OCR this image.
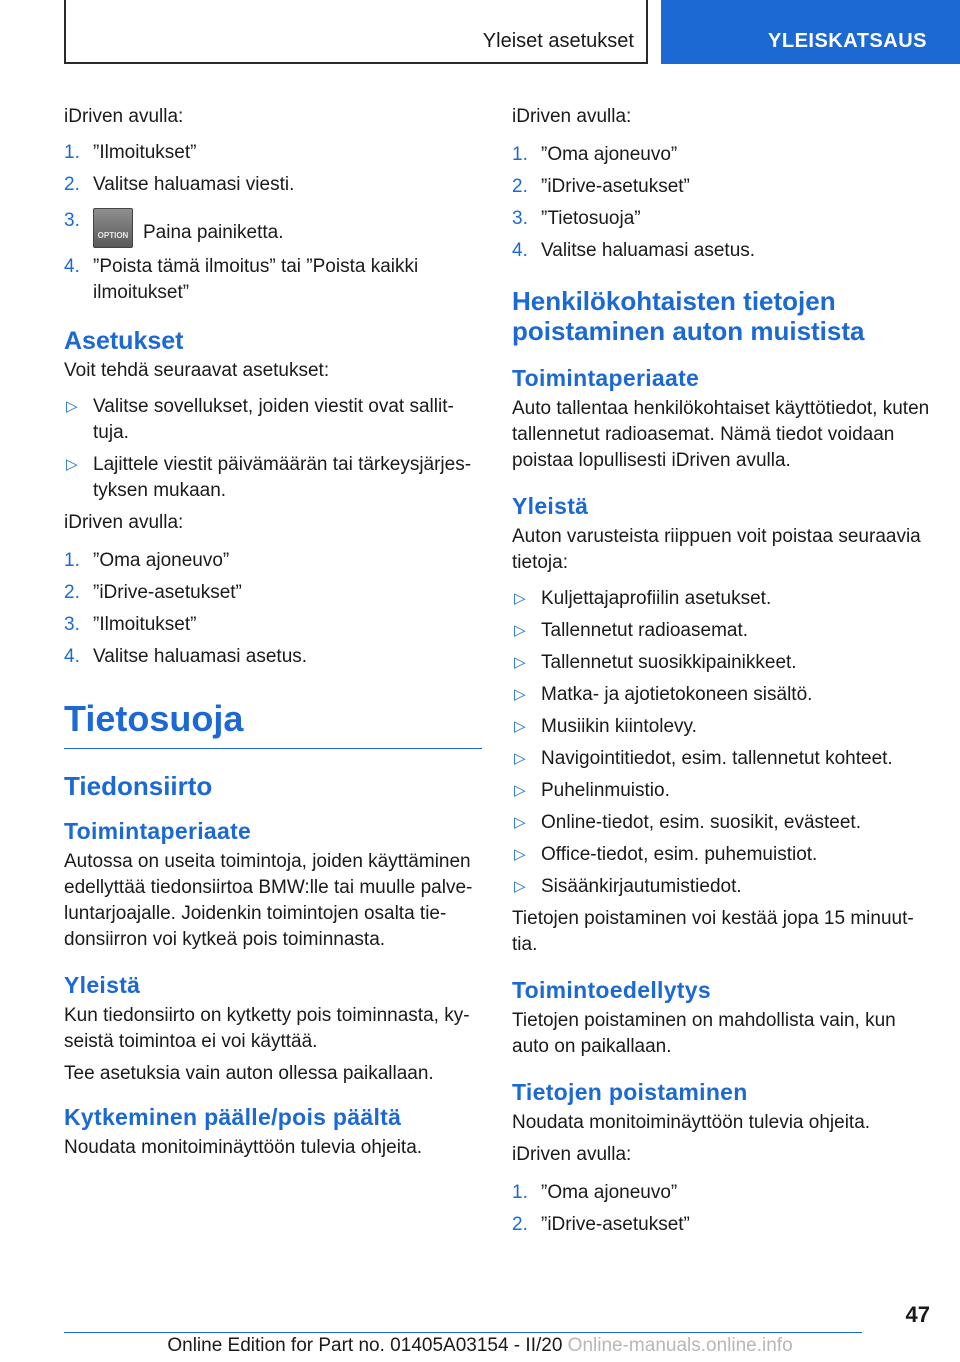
Yleiset asetukset	YLEISKATSAUS

iDriven avulla:

1. ”Ilmoitukset”
2. Valitse haluamasi viesti.
3.
OPTION Paina painiketta.
4. ”Poista tämä ilmoitus” tai ”Poista kaikki ilmoitukset”
Asetukset

Voit tehdä seuraavat asetukset:

▷ Valitse sovellukset, joiden viestit ovat sallittuja.
▷ Lajittele viestit päivämäärän tai tärkeysjärjestyksen mukaan.

iDriven avulla:

1. ”Oma ajoneuvo”
2. ”iDrive-asetukset”
3. ”Ilmoitukset”
4. Valitse haluamasi asetus.
Tietosuoja
Tiedonsiirto
Toimintaperiaate

Autossa on useita toimintoja, joiden käyttäminen edellyttää tiedonsiirtoa BMW:lle tai muulle palveluntarjoajalle. Joidenkin toimintojen osalta tiedonsiirron voi kytkeä pois toiminnasta.

Yleistä

Kun tiedonsiirto on kytketty pois toiminnasta, kyseistä toimintoa ei voi käyttää.

Tee asetuksia vain auton ollessa paikallaan.

Kytkeminen päälle/pois päältä

Noudata monitoiminäyttöön tulevia ohjeita.

iDriven avulla:

1. ”Oma ajoneuvo”
2. ”iDrive-asetukset”
3. ”Tietosuoja”
4. Valitse haluamasi asetus.
Henkilökohtaisten tietojen poistaminen auton muistista
Toimintaperiaate

Auto tallentaa henkilökohtaiset käyttötiedot, kuten tallennetut radioasemat. Nämä tiedot voidaan poistaa lopullisesti iDriven avulla.

Yleistä

Auton varusteista riippuen voit poistaa seuraavia tietoja:

▷ Kuljettajaprofiilin asetukset.
▷ Tallennetut radioasemat.
▷ Tallennetut suosikkipainikkeet.
▷ Matka- ja ajotietokoneen sisältö.
▷ Musiikin kiintolevy.
▷ Navigointitiedot, esim. tallennetut kohteet.
▷ Puhelinmuistio.
▷ Online-tiedot, esim. suosikit, evästeet.
▷ Office-tiedot, esim. puhemuistiot.
▷ Sisäänkirjautumistiedot.

Tietojen poistaminen voi kestää jopa 15 minuuttia.

Toimintoedellytys

Tietojen poistaminen on mahdollista vain, kun auto on paikallaan.

Tietojen poistaminen

Noudata monitoiminäyttöön tulevia ohjeita.

iDriven avulla:

1. ”Oma ajoneuvo”
2. ”iDrive-asetukset”
47
Online Edition for Part no. 01405A03154 - II/20 Online-manuals.online.info
